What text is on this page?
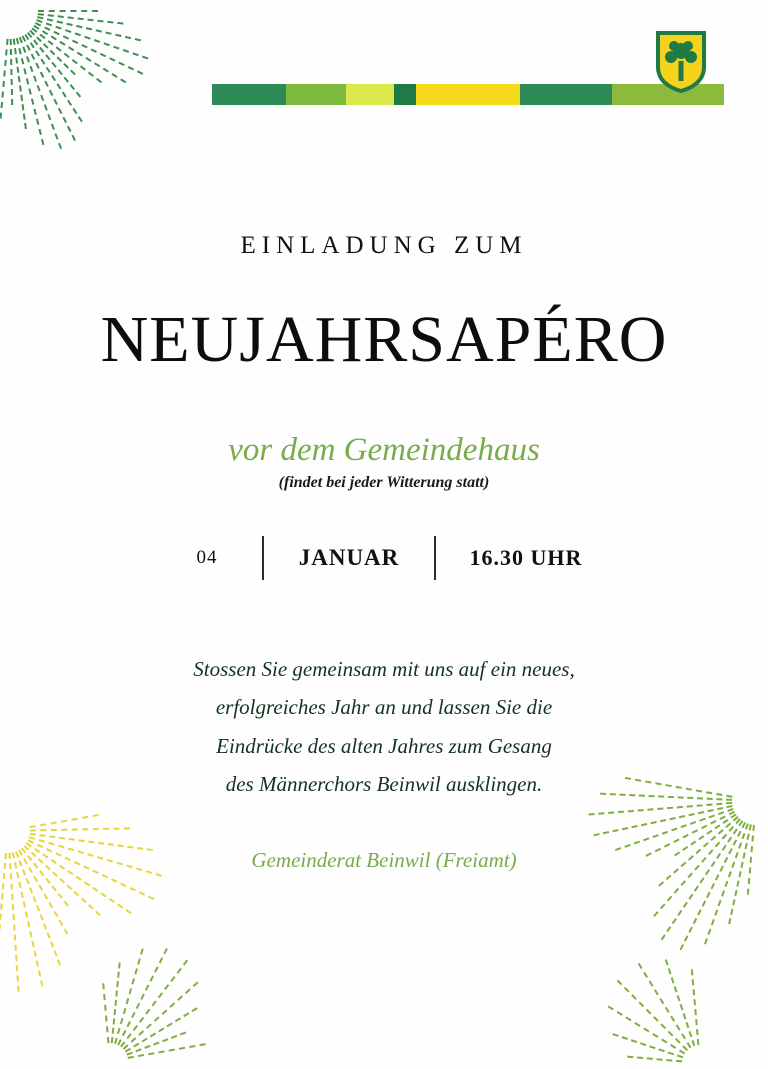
EINLADUNG ZUM
NEUJAHRSAPÉRO
vor dem Gemeindehaus
(findet bei jeder Witterung statt)
04	JANUAR	16.30 UHR
Stossen Sie gemeinsam mit uns auf ein neues,
erfolgreiches Jahr an und lassen Sie die
Eindrücke des alten Jahres zum Gesang
des Männerchors Beinwil ausklingen.
Gemeinderat Beinwil (Freiamt)
